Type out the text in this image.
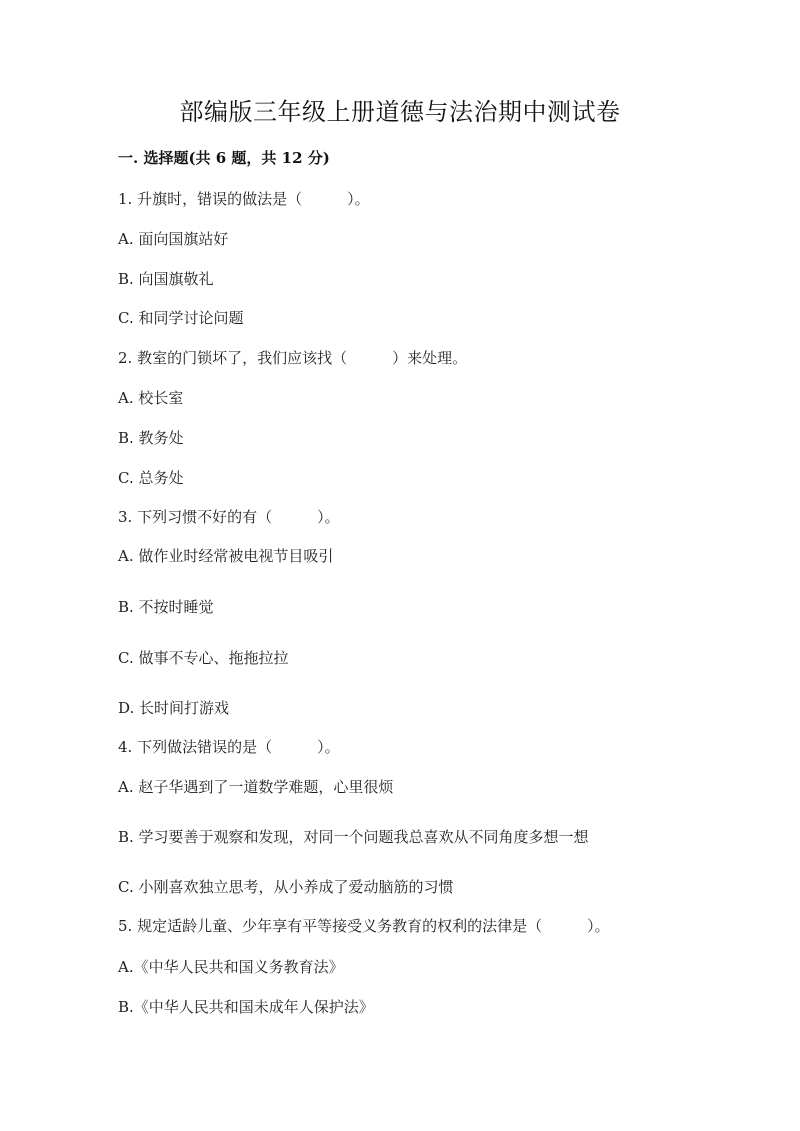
部编版三年级上册道德与法治期中测试卷
一. 选择题(共 6 题，共 12 分)
1. 升旗时，错误的做法是（　　　）。
A. 面向国旗站好
B. 向国旗敬礼
C. 和同学讨论问题
2. 教室的门锁坏了，我们应该找（　　　）来处理。
A. 校长室
B. 教务处
C. 总务处
3. 下列习惯不好的有（　　　）。
A. 做作业时经常被电视节目吸引
B. 不按时睡觉
C. 做事不专心、拖拖拉拉
D. 长时间打游戏
4. 下列做法错误的是（　　　）。
A. 赵子华遇到了一道数学难题，心里很烦
B. 学习要善于观察和发现，对同一个问题我总喜欢从不同角度多想一想
C. 小刚喜欢独立思考，从小养成了爱动脑筋的习惯
5. 规定适龄儿童、少年享有平等接受义务教育的权利的法律是（　　　）。
A.《中华人民共和国义务教育法》
B.《中华人民共和国未成年人保护法》
